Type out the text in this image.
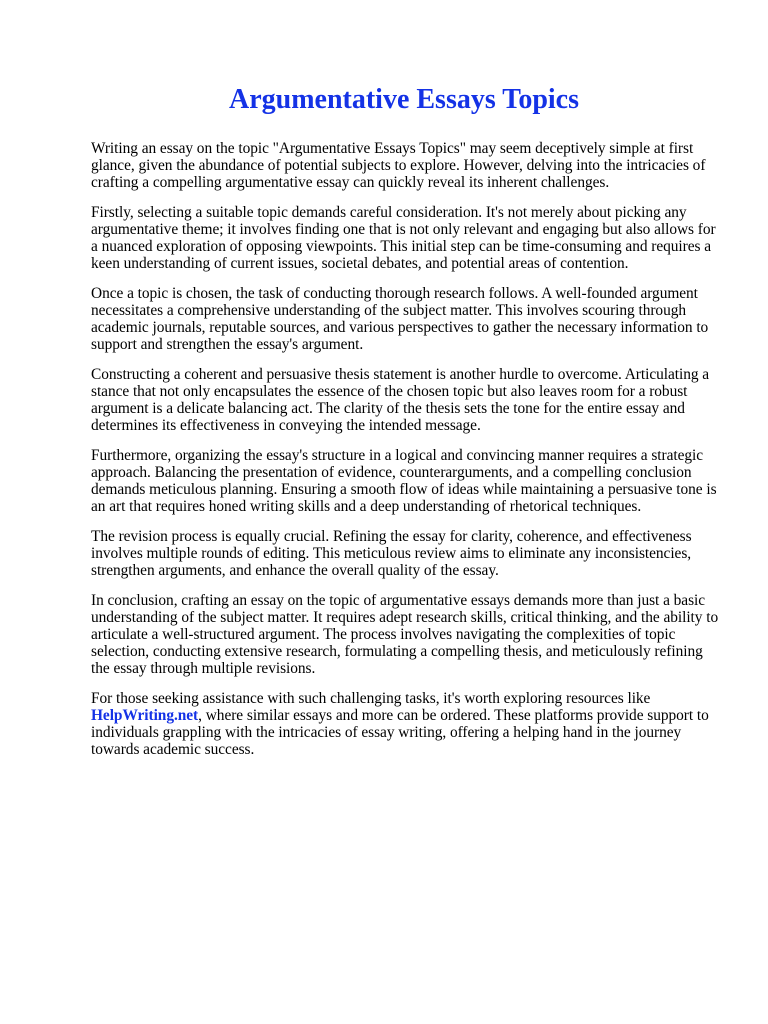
Argumentative Essays Topics

Writing an essay on the topic "Argumentative Essays Topics" may seem deceptively simple at first glance, given the abundance of potential subjects to explore. However, delving into the intricacies of crafting a compelling argumentative essay can quickly reveal its inherent challenges.

Firstly, selecting a suitable topic demands careful consideration. It's not merely about picking any argumentative theme; it involves finding one that is not only relevant and engaging but also allows for a nuanced exploration of opposing viewpoints. This initial step can be time-consuming and requires a keen understanding of current issues, societal debates, and potential areas of contention.

Once a topic is chosen, the task of conducting thorough research follows. A well-founded argument necessitates a comprehensive understanding of the subject matter. This involves scouring through academic journals, reputable sources, and various perspectives to gather the necessary information to support and strengthen the essay's argument.

Constructing a coherent and persuasive thesis statement is another hurdle to overcome. Articulating a stance that not only encapsulates the essence of the chosen topic but also leaves room for a robust argument is a delicate balancing act. The clarity of the thesis sets the tone for the entire essay and determines its effectiveness in conveying the intended message.

Furthermore, organizing the essay's structure in a logical and convincing manner requires a strategic approach. Balancing the presentation of evidence, counterarguments, and a compelling conclusion demands meticulous planning. Ensuring a smooth flow of ideas while maintaining a persuasive tone is an art that requires honed writing skills and a deep understanding of rhetorical techniques.

The revision process is equally crucial. Refining the essay for clarity, coherence, and effectiveness involves multiple rounds of editing. This meticulous review aims to eliminate any inconsistencies, strengthen arguments, and enhance the overall quality of the essay.

In conclusion, crafting an essay on the topic of argumentative essays demands more than just a basic understanding of the subject matter. It requires adept research skills, critical thinking, and the ability to articulate a well-structured argument. The process involves navigating the complexities of topic selection, conducting extensive research, formulating a compelling thesis, and meticulously refining the essay through multiple revisions.

For those seeking assistance with such challenging tasks, it's worth exploring resources like HelpWriting.net, where similar essays and more can be ordered. These platforms provide support to individuals grappling with the intricacies of essay writing, offering a helping hand in the journey towards academic success.
